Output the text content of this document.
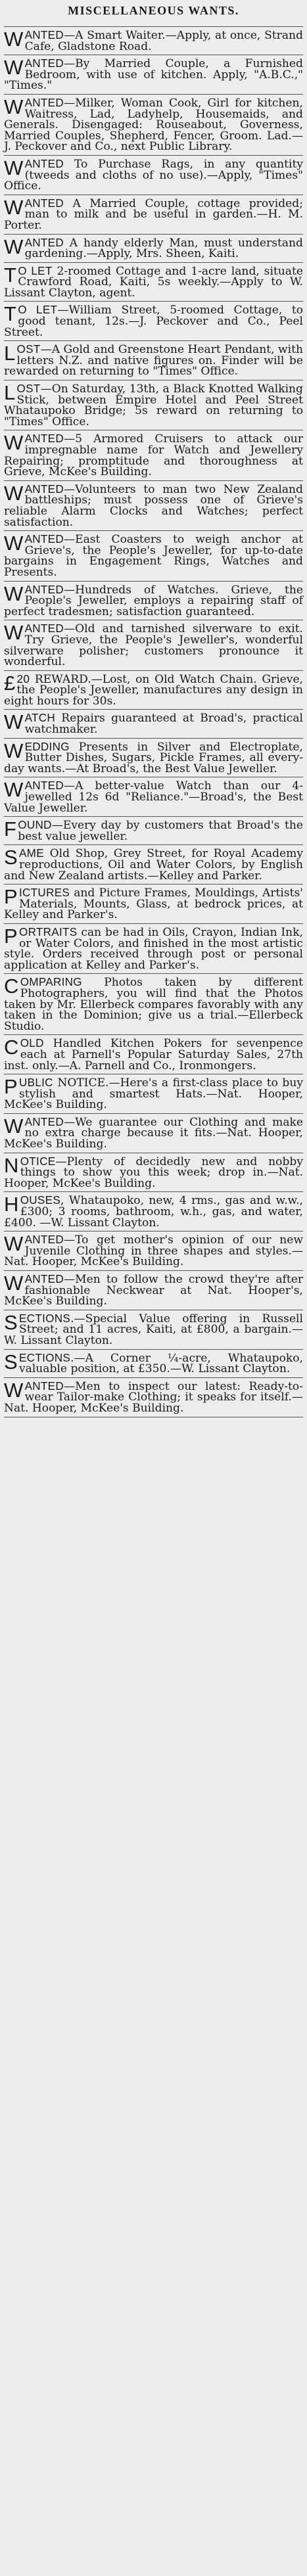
MISCELLANEOUS WANTS.
WANTED—A Smart Waiter.—Apply, at once, Strand Cafe, Gladstone Road.
WANTED—By Married Couple, a Furnished Bedroom, with use of kitchen. Apply, "A.B.C.," "Times."
WANTED—Milker, Woman Cook, Girl for kitchen, Waitress, Lad, Ladyhelp, Housemaids, and Generals. Disengaged: Rouseabout, Governess, Married Couples, Shepherd, Fencer, Groom. Lad.—J. Peckover and Co., next Public Library.
WANTED To Purchase Rags, in any quantity (tweeds and cloths of no use).—Apply, "Times" Office.
WANTED A Married Couple, cottage provided; man to milk and be useful in garden.—H. M. Porter.
WANTED A handy elderly Man, must understand gardening.—Apply, Mrs. Sheen, Kaiti.
TO LET 2-roomed Cottage and 1-acre land, situate Crawford Road, Kaiti, 5s weekly.—Apply to W. Lissant Clayton, agent.
TO LET—William Street, 5-roomed Cottage, to good tenant, 12s.—J. Peckover and Co., Peel Street.
LOST—A Gold and Greenstone Heart Pendant, with letters N.Z. and native figures on. Finder will be rewarded on returning to "Times" Office.
LOST—On Saturday, 13th, a Black Knotted Walking Stick, between Empire Hotel and Peel Street Whataupoko Bridge; 5s reward on returning to "Times" Office.
WANTED—5 Armored Cruisers to attack our impregnable name for Watch and Jewellery Repairing; promptitude and thoroughness at Grieve, McKee's Building.
WANTED—Volunteers to man two New Zealand battleships; must possess one of Grieve's reliable Alarm Clocks and Watches; perfect satisfaction.
WANTED—East Coasters to weigh anchor at Grieve's, the People's Jeweller, for up-to-date bargains in Engagement Rings, Watches and Presents.
WANTED—Hundreds of Watches. Grieve, the People's Jeweller, employs a repairing staff of perfect tradesmen; satisfaction guaranteed.
WANTED—Old and tarnished silverware to exit. Try Grieve, the People's Jeweller's, wonderful silverware polisher; customers pronounce it wonderful.
£20 REWARD.—Lost, on Old Watch Chain. Grieve, the People's Jeweller, manufactures any design in eight hours for 30s.
WATCH Repairs guaranteed at Broad's, practical watchmaker.
WEDDING Presents in Silver and Electroplate, Butter Dishes, Sugars, Pickle Frames, all every-day wants.—At Broad's, the Best Value Jeweller.
WANTED—A better-value Watch than our 4-jewelled 12s 6d "Reliance."—Broad's, the Best Value Jeweller.
FOUND—Every day by customers that Broad's the best value jeweller.
SAME Old Shop, Grey Street, for Royal Academy reproductions, Oil and Water Colors, by English and New Zealand artists.—Kelley and Parker.
PICTURES and Picture Frames, Mouldings, Artists' Materials, Mounts, Glass, at bedrock prices, at Kelley and Parker's.
PORTRAITS can be had in Oils, Crayon, Indian Ink, or Water Colors, and finished in the most artistic style. Orders received through post or personal application at Kelley and Parker's.
COMPARING Photos taken by different Photographers, you will find that the Photos taken by Mr. Ellerbeck compares favorably with any taken in the Dominion; give us a trial.—Ellerbeck Studio.
COLD Handled Kitchen Pokers for sevenpence each at Parnell's Popular Saturday Sales, 27th inst. only.—A. Parnell and Co., Ironmongers.
PUBLIC NOTICE.—Here's a first-class place to buy stylish and smartest Hats.—Nat. Hooper, McKee's Building.
WANTED—We guarantee our Clothing and make no extra charge because it fits.—Nat. Hooper, McKee's Building.
NOTICE—Plenty of decidedly new and nobby things to show you this week; drop in.—Nat. Hooper, McKee's Building.
HOUSES, Whataupoko, new, 4 rms., gas and w.w., £300; 3 rooms, bathroom, w.h., gas, and water, £400. —W. Lissant Clayton.
WANTED—To get mother's opinion of our new Juvenile Clothing in three shapes and styles.—Nat. Hooper, McKee's Building.
WANTED—Men to follow the crowd they're after fashionable Neckwear at Nat. Hooper's, McKee's Building.
SECTIONS.—Special Value offering in Russell Street; and 11 acres, Kaiti, at £800, a bargain.—W. Lissant Clayton.
SECTIONS.—A Corner ¼-acre, Whataupoko, valuable position, at £350.—W. Lissant Clayton.
WANTED—Men to inspect our latest: Ready-to-wear Tailor-make Clothing; it speaks for itself.—Nat. Hooper, McKee's Building.
